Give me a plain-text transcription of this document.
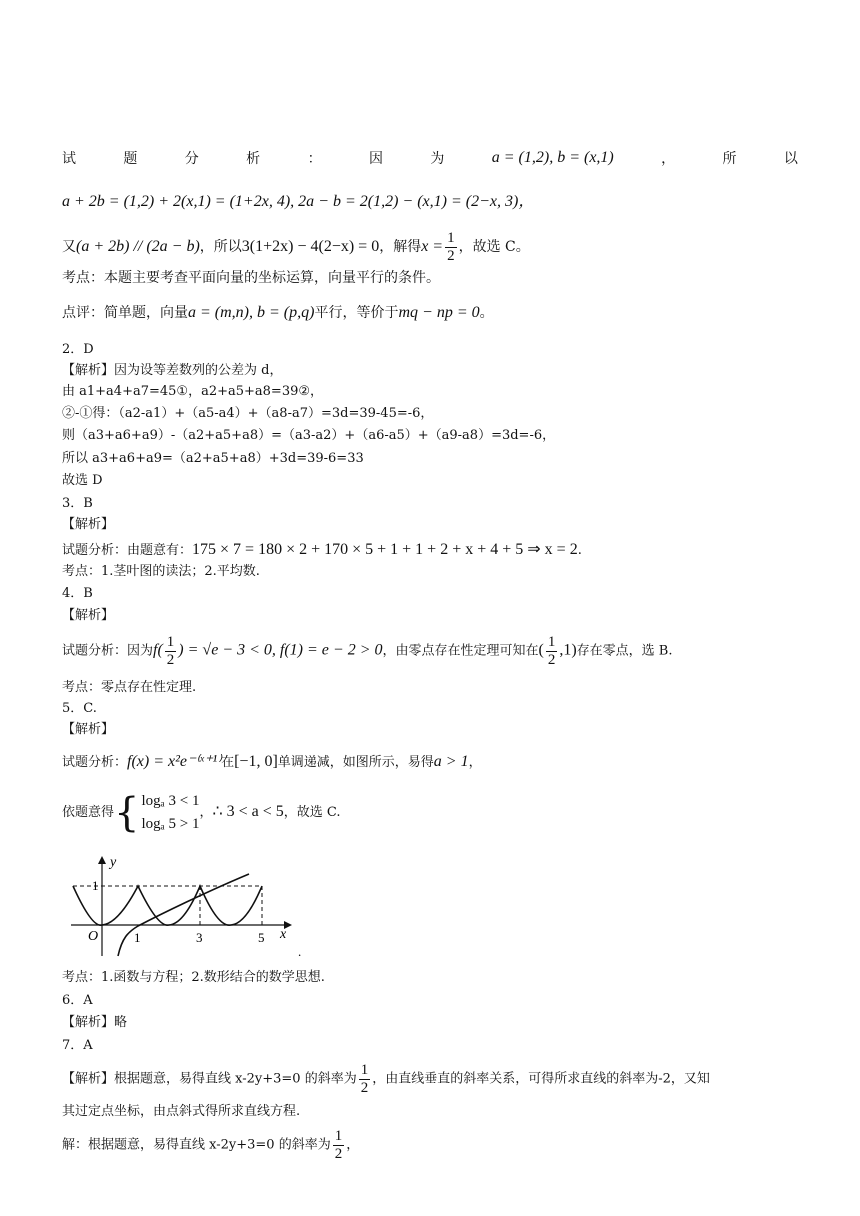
试	题	分	析	：	因	为	a = (1,2), b = (x,1)	，	所	以
a + 2b = (1,2) + 2(x,1) = (1+2x, 4), 2a − b = 2(1,2) − (x,1) = (2−x, 3)，
又(a + 2b) // (2a − b)，所以3(1+2x) − 4(2−x) = 0，解得$x = \frac{1}{2}$ ，故选 C。
考点：本题主要考查平面向量的坐标运算，向量平行的条件。
点评：简单题，向量a = (m,n), b = (p,q)平行，等价于mq − np = 0。
2．D
【解析】因为设等差数列的公差为 d，
由 a1+a4+a7=45①，a2+a5+a8=39②，
②-①得：（a2-a1）+（a5-a4）+（a8-a7）=3d=39-45=-6，
则（a3+a6+a9）-（a2+a5+a8）=（a3-a2）+（a6-a5）+（a9-a8）=3d=-6，
所以 a3+a6+a9=（a2+a5+a8）+3d=39-6=33
故选 D
3．B
【解析】
试题分析：由题意有：175 × 7 = 180 × 2 + 170 × 5 + 1 + 1 + 2 + x + 4 + 5 ⇒ x = 2.
考点：1.茎叶图的读法；2.平均数.
4．B
【解析】
试题分析：因为$f( \frac{1}{2}$ ) = √e − 3 < 0, f(1) = e − 2 > 0，由零点存在性定理可知在( $\frac{1}{2} ,1$)存在零点，选 B.
考点：零点存在性定理.
5．C.
【解析】
试题分析：f(x) = x²e⁻⁽ˣ⁺¹⁾在[−1, 0]单调递减，如图所示，易得a > 1，
依题意得 { logₐ 3 < 1
logₐ 5 > 1
，∴ 3 < a < 5，故选 C.
y
1
O	1	3	5 x
.
考点：1.函数与方程；2.数形结合的数学思想.
6．A
【解析】略
7．A
【解析】根据题意，易得直线 x-2y+3=0 的斜率为 $\frac{1}{2}$ ，由直线垂直的斜率关系，可得所求直线的斜率为-2，又知
其过定点坐标，由点斜式得所求直线方程.
解：根据题意，易得直线 x-2y+3=0 的斜率为 $\frac{1}{2}$ ，
